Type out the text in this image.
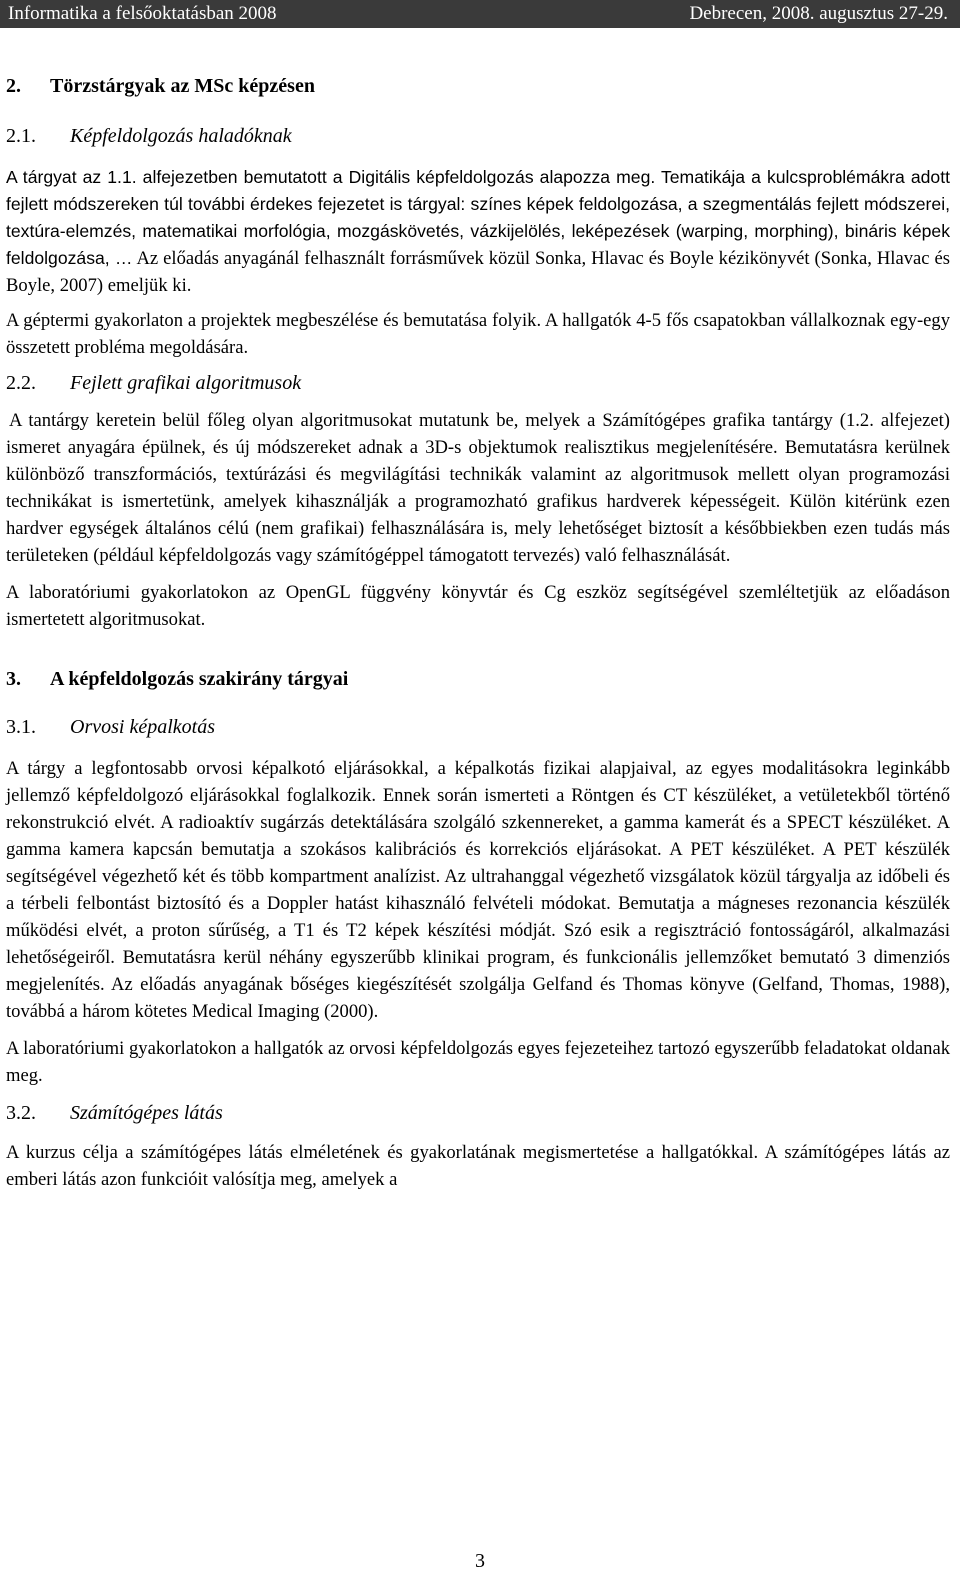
Informatika a felsőoktatásban 2008	Debrecen, 2008. augusztus 27-29.
2. Törzstárgyak az MSc képzésen
2.1. Képfeldolgozás haladóknak

A tárgyat az 1.1. alfejezetben bemutatott a Digitális képfeldolgozás alapozza meg. Tematikája a kulcsproblémákra adott fejlett módszereken túl további érdekes fejezetet is tárgyal: színes képek feldolgozása, a szegmentálás fejlett módszerei, textúra-elemzés, matematikai morfológia, mozgáskövetés, vázkijelölés, leképezések (warping, morphing), bináris képek feldolgozása, … Az előadás anyagánál felhasznált forrásművek közül Sonka, Hlavac és Boyle kézikönyvét (Sonka, Hlavac és Boyle, 2007) emeljük ki.

A géptermi gyakorlaton a projektek megbeszélése és bemutatása folyik. A hallgatók 4-5 fős csapatokban vállalkoznak egy-egy összetett probléma megoldására.

2.2. Fejlett grafikai algoritmusok

A tantárgy keretein belül főleg olyan algoritmusokat mutatunk be, melyek a Számítógépes grafika tantárgy (1.2. alfejezet) ismeret anyagára épülnek, és új módszereket adnak a 3D-s objektumok realisztikus megjelenítésére. Bemutatásra kerülnek különböző transzformációs, textúrázási és megvilágítási technikák valamint az algoritmusok mellett olyan programozási technikákat is ismertetünk, amelyek kihasználják a programozható grafikus hardverek képességeit. Külön kitérünk ezen hardver egységek általános célú (nem grafikai) felhasználására is, mely lehetőséget biztosít a későbbiekben ezen tudás más területeken (például képfeldolgozás vagy számítógéppel támogatott tervezés) való felhasználását.

A laboratóriumi gyakorlatokon az OpenGL függvény könyvtár és Cg eszköz segítségével szemléltetjük az előadáson ismertetett algoritmusokat.

3. A képfeldolgozás szakirány tárgyai
3.1. Orvosi képalkotás

A tárgy a legfontosabb orvosi képalkotó eljárásokkal, a képalkotás fizikai alapjaival, az egyes modalitásokra leginkább jellemző képfeldolgozó eljárásokkal foglalkozik. Ennek során ismerteti a Röntgen és CT készüléket, a vetületekből történő rekonstrukció elvét. A radioaktív sugárzás detektálására szolgáló szkennereket, a gamma kamerát és a SPECT készüléket. A gamma kamera kapcsán bemutatja a szokásos kalibrációs és korrekciós eljárásokat. A PET készüléket. A PET készülék segítségével végezhető két és több kompartment analízist. Az ultrahanggal végezhető vizsgálatok közül tárgyalja az időbeli és a térbeli felbontást biztosító és a Doppler hatást kihasználó felvételi módokat. Bemutatja a mágneses rezonancia készülék működési elvét, a proton sűrűség, a T1 és T2 képek készítési módját. Szó esik a regisztráció fontosságáról, alkalmazási lehetőségeiről. Bemutatásra kerül néhány egyszerűbb klinikai program, és funkcionális jellemzőket bemutató 3 dimenziós megjelenítés. Az előadás anyagának bőséges kiegészítését szolgálja Gelfand és Thomas könyve (Gelfand, Thomas, 1988), továbbá a három kötetes Medical Imaging (2000).

A laboratóriumi gyakorlatokon a hallgatók az orvosi képfeldolgozás egyes fejezeteihez tartozó egyszerűbb feladatokat oldanak meg.

3.2. Számítógépes látás

A kurzus célja a számítógépes látás elméletének és gyakorlatának megismertetése a hallgatókkal. A számítógépes látás az emberi látás azon funkcióit valósítja meg, amelyek a

3
